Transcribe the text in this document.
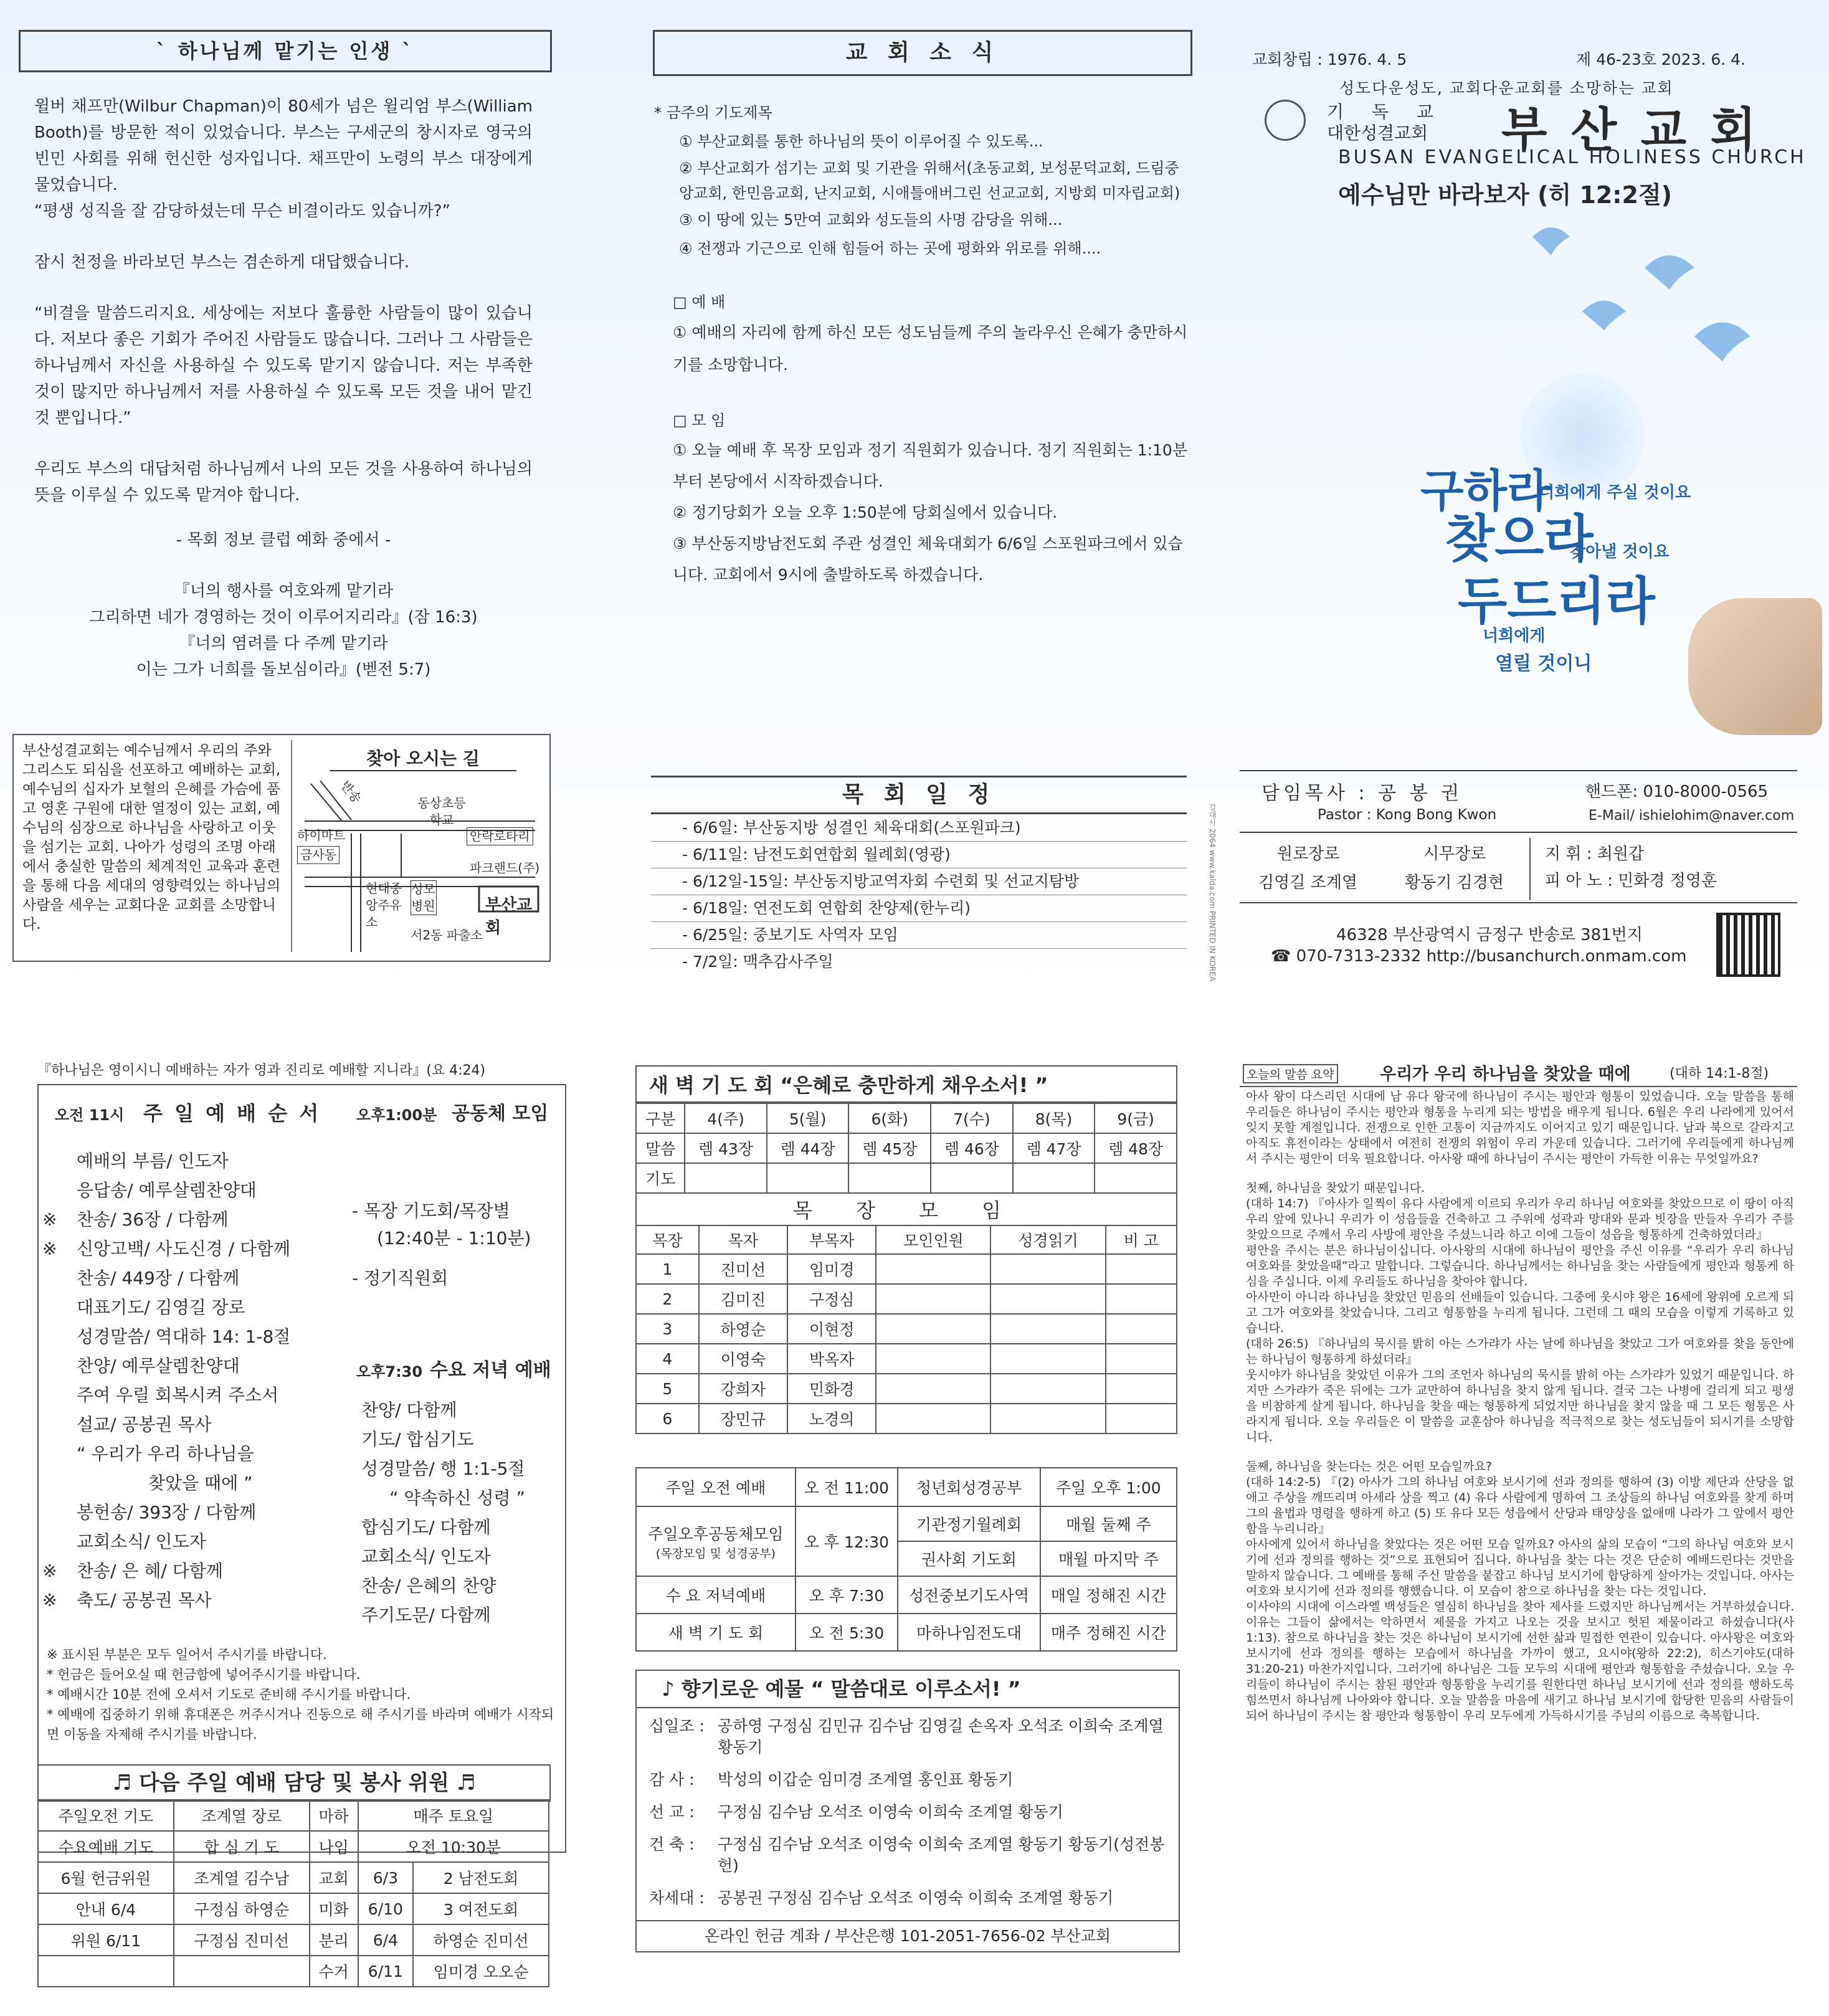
` 하나님께 맡기는 인생 `
윌버 채프만(Wilbur Chapman)이 80세가 넘은 윌리엄 부스(William Booth)를 방문한 적이 있었습니다. 부스는 구세군의 창시자로 영국의 빈민 사회를 위해 헌신한 성자입니다. 채프만이 노령의 부스 대장에게 물었습니다.
“평생 성직을 잘 감당하셨는데 무슨 비결이라도 있습니까?”
잠시 천정을 바라보던 부스는 겸손하게 대답했습니다.
“비결을 말씀드리지요. 세상에는 저보다 훌륭한 사람들이 많이 있습니다. 저보다 좋은 기회가 주어진 사람들도 많습니다. 그러나 그 사람들은 하나님께서 자신을 사용하실 수 있도록 맡기지 않습니다. 저는 부족한 것이 많지만 하나님께서 저를 사용하실 수 있도록 모든 것을 내어 맡긴 것 뿐입니다.”
우리도 부스의 대답처럼 하나님께서 나의 모든 것을 사용하여 하나님의 뜻을 이루실 수 있도록 맡겨야 합니다.
- 목회 정보 클럽 예화 중에서 -
『너의 행사를 여호와께 맡기라
그리하면 네가 경영하는 것이 이루어지리라』(잠 16:3)
『너의 염려를 다 주께 맡기라
이는 그가 너희를 돌보심이라』(벧전 5:7)
부산성결교회는 예수님께서 우리의 주와 그리스도 되심을 선포하고 예배하는 교회, 예수님의 십자가 보혈의 은혜를 가슴에 품고 영혼 구원에 대한 열정이 있는 교회, 예수님의 심장으로 하나님을 사랑하고 이웃을 섬기는 교회. 나아가 성령의 조명 아래에서 충실한 말씀의 체계적인 교육과 훈련을 통해 다음 세대의 영향력있는 하나님의 사람을 세우는 교회다운 교회를 소망합니다.
찾아 오시는 길
하이마트
금사동
동상초등학교
안락로타리
파크랜드(주)
현대중앙주유소
성모병원	부산교회
서2동 파출소
반송
교 회 소 식
* 금주의 기도제목
① 부산교회를 통한 하나님의 뜻이 이루어질 수 있도록...
② 부산교회가 섬기는 교회 및 기관을 위해서(초동교회, 보성문덕교회, 드림중앙교회, 한민음교회, 난지교회, 시애틀애버그린 선교교회, 지방회 미자립교회)
③ 이 땅에 있는 5만여 교회와 성도들의 사명 감당을 위해...
④ 전쟁과 기근으로 인해 힘들어 하는 곳에 평화와 위로를 위해....
□ 예 배
① 예배의 자리에 함께 하신 모든 성도님들께 주의 놀라우신 은혜가 충만하시기를 소망합니다.
□ 모 임
① 오늘 예배 후 목장 모임과 정기 직원회가 있습니다. 정기 직원회는 1:10분부터 본당에서 시작하겠습니다.
② 정기당회가 오늘 오후 1:50분에 당회실에서 있습니다.
③ 부산동지방남전도회 주관 성결인 체육대회가 6/6일 스포원파크에서 있습니다. 교회에서 9시에 출발하도록 하겠습니다.
목 회 일 정
- 6/6일: 부산동지방 성결인 체육대회(스포원파크)
- 6/11일: 남전도회연합회 월례회(영광)
- 6/12일-15일: 부산동지방교역자회 수련회 및 선교지탐방
- 6/18일: 연전도회 연합회 찬양제(한누리)
- 6/25일: 중보기도 사역자 모임
- 7/2일: 맥추감사주일	갈대사 2064 www.kalda.com PRINTED IN KOREA
교회창립 : 1976. 4. 5	제 46-23호 2023. 6. 4.
성도다운성도, 교회다운교회를 소망하는 교회
기 독 교
대한성결교회 부 산 교 회
BUSAN EVANGELICAL HOLINESS CHURCH
예수님만 바라보자 (히 12:2절)
구하라
너희에게 주실 것이요
찾으라
찾아낼 것이요
두드리라
너희에게
열릴 것이니
담임목사 : 공 봉 권
Pastor : Kong Bong Kwon
핸드폰: 010-8000-0565
E-Mail/ ishielohim@naver.com
원로장로
김영길 조계열
시무장로
황동기 김경현
지 휘 : 최원갑
피 아 노 : 민화경 정영훈
46328 부산광역시 금정구 반송로 381번지
☎ 070-7313-2332 http://busanchurch.onmam.com
『하나님은 영이시니 예배하는 자가 영과 진리로 예배할 지니라』(요 4:24)
오전 11시 주 일 예 배 순 서 오후1:00분 공동체 모임
예배의 부름/ 인도자
응답송/ 예루살렘찬양대
※ 찬송/ 36장 / 다함께
※ 신앙고백/ 사도신경 / 다함께
찬송/ 449장 / 다함께
대표기도/ 김영길 장로
성경말씀/ 역대하 14: 1-8절
찬양/ 예루살렘찬양대
주여 우릴 회복시켜 주소서
설교/ 공봉권 목사
“ 우리가 우리 하나님을
찾았을 때에 ”
봉헌송/ 393장 / 다함께
교회소식/ 인도자
※ 찬송/ 은 혜/ 다함께
※ 축도/ 공봉권 목사
- 목장 기도회/목장별
(12:40분 - 1:10분)
- 정기직원회
오후7:30 수요 저녁 예배
찬양/ 다함께
기도/ 합심기도
성경말씀/ 행 1:1-5절
“ 약속하신 성령 ”
합심기도/ 다함께
교회소식/ 인도자
찬송/ 은혜의 찬양
주기도문/ 다함께
※ 표시된 부분은 모두 일어서 주시기를 바랍니다.
* 헌금은 들어오실 때 헌금함에 넣어주시기를 바랍니다.
* 예배시간 10분 전에 오셔서 기도로 준비해 주시기를 바랍니다.
* 예배에 집중하기 위해 휴대폰은 꺼주시거나 진동으로 해 주시기를 바라며 예배가 시작되면 이동을 자제해 주시기를 바랍니다.
♬ 다음 주일 예배 담당 및 봉사 위원 ♬
주일오전 기도	조계열 장로	마하	매주 토요일	
수요예배 기도	합 심 기 도	나임	오전 10:30분	
6월 헌금위원	조계열 김수남	교회	6/3	2 남전도회
안내 6/4	구정심 하영순	미화	6/10	3 여전도회
위원 6/11	구정심 진미선	분리	6/4	하영순 진미선
		수거	6/11	임미경 오오순
새 벽 기 도 회 “은혜로 충만하게 채우소서! ”
구분	4(주)	5(월)	6(화)	7(수)	8(목)	9(금)
말씀	렘 43장	렘 44장	렘 45장	렘 46장	렘 47장	렘 48장
기도						
목 장 모 임						
목장	목자	부목자	모인인원	성경읽기	비 고
1	진미선	임미경			
2	김미진	구정심			
3	하영순	이현정			
4	이영숙	박옥자			
5	강희자	민화경			
6	장민규	노경의			
주일 오전 예배	오 전 11:00	청년회성경공부	주일 오후 1:00

주일오후공동체모임
(목장모임 및 성경공부)	오 후 12:30	기관정기월례회	매월 둘째 주
		권사회 기도회	매월 마지막 주
수 요 저녁예배	오 후 7:30	성전중보기도사역	매일 정해진 시간
새 벽 기 도 회	오 전 5:30	마하나임전도대	매주 정해진 시간
♪ 향기로운 예물 “ 말씀대로 이루소서! ”
십일조 : 공하영 구정심 김민규 김수남 김영길 손옥자 오석조 이희숙 조계열 황동기
감 사 :	박성의 이갑순 임미경 조계열 홍인표 황동기
선 교 :	구정심 김수남 오석조 이영숙 이희숙 조계열 황동기
건 축 :	구정심 김수남 오석조 이영숙 이희숙 조계열 황동기 황동기(성전봉헌)
차세대 : 공봉권 구정심 김수남 오석조 이영숙 이희숙 조계열 황동기
온라인 헌금 계좌 / 부산은행 101-2051-7656-02 부산교회
오늘의 말씀 요약	우리가 우리 하나님을 찾았을 때에	(대하 14:1-8절)
아사 왕이 다스리던 시대에 남 유다 왕국에 하나님이 주시는 평안과 형통이 있었습니다. 오늘 말씀을 통해 우리들은 하나님이 주시는 평안과 형통을 누리게 되는 방법을 배우게 됩니다. 6월은 우리 나라에게 있어서 잊지 못할 계절입니다. 전쟁으로 인한 고통이 지금까지도 이어지고 있기 때문입니다. 남과 북으로 갈라지고 아직도 휴전이라는 상태에서 여전히 전쟁의 위험이 우리 가운데 있습니다. 그러기에 우리들에게 하나님께서 주시는 평안이 더욱 필요합니다. 아사왕 때에 하나님이 주시는 평안이 가득한 이유는 무엇일까요?
첫째, 하나님을 찾았기 때문입니다.
(대하 14:7) 『아사가 일찍이 유다 사람에게 이르되 우리가 우리 하나님 여호와를 찾았으므로 이 땅이 아직 우리 앞에 있나니 우리가 이 성읍들을 건축하고 그 주위에 성곽과 망대와 문과 빗장을 만들자 우리가 주를 찾았으므로 주께서 우리 사방에 평안을 주셨느니라 하고 이에 그들이 성읍을 형통하게 건축하였더라』
평안을 주시는 분은 하나님이십니다. 아사왕의 시대에 하나님이 평안을 주신 이유를 “우리가 우리 하나님 여호와를 찾았을때”라고 말합니다. 그렇습니다. 하나님께서는 하나님을 찾는 사람들에게 평안과 형통케 하심을 주십니다. 이제 우리들도 하나님을 찾아야 합니다.
아사만이 아니라 하나님을 찾았던 믿음의 선배들이 있습니다. 그중에 웃시야 왕은 16세에 왕위에 오르게 되고 그가 여호와를 찾았습니다. 그리고 형통함을 누리게 됩니다. 그런데 그 때의 모습을 이렇게 기록하고 있습니다.
(대하 26:5) 『하나님의 묵시를 밝히 아는 스가랴가 사는 날에 하나님을 찾았고 그가 여호와를 찾을 동안에는 하나님이 형통하게 하셨더라』
웃시야가 하나님을 찾았던 이유가 그의 조언자 하나님의 묵시를 밝히 아는 스가랴가 있었기 때문입니다. 하지만 스가랴가 죽은 뒤에는 그가 교만하여 하나님을 찾지 않게 됩니다. 결국 그는 나병에 걸리게 되고 평생을 비참하게 살게 됩니다. 하나님을 찾을 때는 형통하게 되었지만 하나님을 찾지 않을 때 그 모든 형통은 사라지게 됩니다. 오늘 우리들은 이 말씀을 교훈삼아 하나님을 적극적으로 찾는 성도님들이 되시기를 소망합니다.
둘째, 하나님을 찾는다는 것은 어떤 모습일까요?
(대하 14:2-5) 『(2) 아사가 그의 하나님 여호와 보시기에 선과 정의를 행하여 (3) 이방 제단과 산당을 없애고 주상을 깨뜨리며 아세라 상을 찍고 (4) 유다 사람에게 명하여 그 조상들의 하나님 여호와를 찾게 하며 그의 율법과 명령을 행하게 하고 (5) 또 유다 모든 성읍에서 산당과 태양상을 없애매 나라가 그 앞에서 평안함을 누리니라』
아사에게 있어서 하나님을 찾았다는 것은 어떤 모습 일까요? 아사의 삶의 모습이 “그의 하나님 여호와 보시기에 선과 정의를 행하는 것”으로 표현되어 집니다. 하나님을 찾는 다는 것은 단순히 예배드린다는 것만을 말하지 않습니다. 그 예배를 통해 주신 말씀을 붙잡고 하나님 보시기에 합당하게 살아가는 것입니다. 아사는 여호와 보시기에 선과 정의를 행했습니다. 이 모습이 참으로 하나님을 찾는 다는 것입니다.
이사야의 시대에 이스라엘 백성들은 열심히 하나님을 찾아 제사를 드렸지만 하나님께서는 거부하셨습니다. 이유는 그들이 삶에서는 악하면서 제물을 가지고 나오는 것을 보시고 헛된 제물이라고 하셨습니다(사 1:13). 참으로 하나님을 찾는 것은 하나님이 보시기에 선한 삶과 밀접한 연관이 있습니다. 아사왕은 여호와 보시기에 선과 정의를 행하는 모습에서 하나님을 가까이 했고, 요시야(왕하 22:2), 히스기야도(대하 31:20-21) 마찬가지입니다. 그러기에 하나님은 그들 모두의 시대에 평안과 형통함을 주셨습니다. 오늘 우리들이 하나님이 주시는 참된 평안과 형통함을 누리기를 원한다면 하나님 보시기에 선과 정의를 행하도록 힘쓰면서 하나님께 나아와야 합니다. 오늘 말씀을 마음에 새기고 하나님 보시기에 합당한 믿음의 사람들이 되어 하나님이 주시는 참 평안과 형통함이 우리 모두에게 가득하시기를 주님의 이름으로 축복합니다.
